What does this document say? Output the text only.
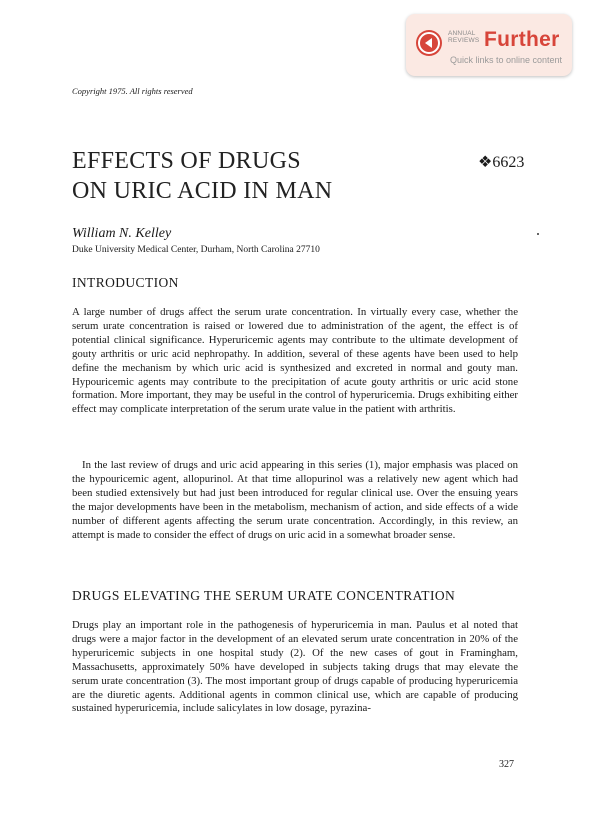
ANNUAL
REVIEWS Further
Quick links to online content
Copyright 1975. All rights reserved
EFFECTS OF DRUGS
ON URIC ACID IN MAN
❖6623
William N. Kelley
Duke University Medical Center, Durham, North Carolina 27710
INTRODUCTION

A large number of drugs affect the serum urate concentration. In virtually every case, whether the serum urate concentration is raised or lowered due to administration of the agent, the effect is of potential clinical significance. Hyperuricemic agents may contribute to the ultimate development of gouty arthritis or uric acid nephropathy. In addition, several of these agents have been used to help define the mechanism by which uric acid is synthesized and excreted in normal and gouty man. Hypouricemic agents may contribute to the precipitation of acute gouty arthritis or uric acid stone formation. More important, they may be useful in the control of hyperuricemia. Drugs exhibiting either effect may complicate interpretation of the serum urate value in the patient with arthritis.

In the last review of drugs and uric acid appearing in this series (1), major emphasis was placed on the hypouricemic agent, allopurinol. At that time allopurinol was a relatively new agent which had been studied extensively but had just been introduced for regular clinical use. Over the ensuing years the major developments have been in the metabolism, mechanism of action, and side effects of a wide number of different agents affecting the serum urate concentration. Accordingly, in this review, an attempt is made to consider the effect of drugs on uric acid in a somewhat broader sense.

DRUGS ELEVATING THE SERUM URATE CONCENTRATION

Drugs play an important role in the pathogenesis of hyperuricemia in man. Paulus et al noted that drugs were a major factor in the development of an elevated serum urate concentration in 20% of the hyperuricemic subjects in one hospital study (2). Of the new cases of gout in Framingham, Massachusetts, approximately 50% have developed in subjects taking drugs that may elevate the serum urate concentration (3). The most important group of drugs capable of producing hyperuricemia are the diuretic agents. Additional agents in common clinical use, which are capable of producing sustained hyperuricemia, include salicylates in low dosage, pyrazina-

327
